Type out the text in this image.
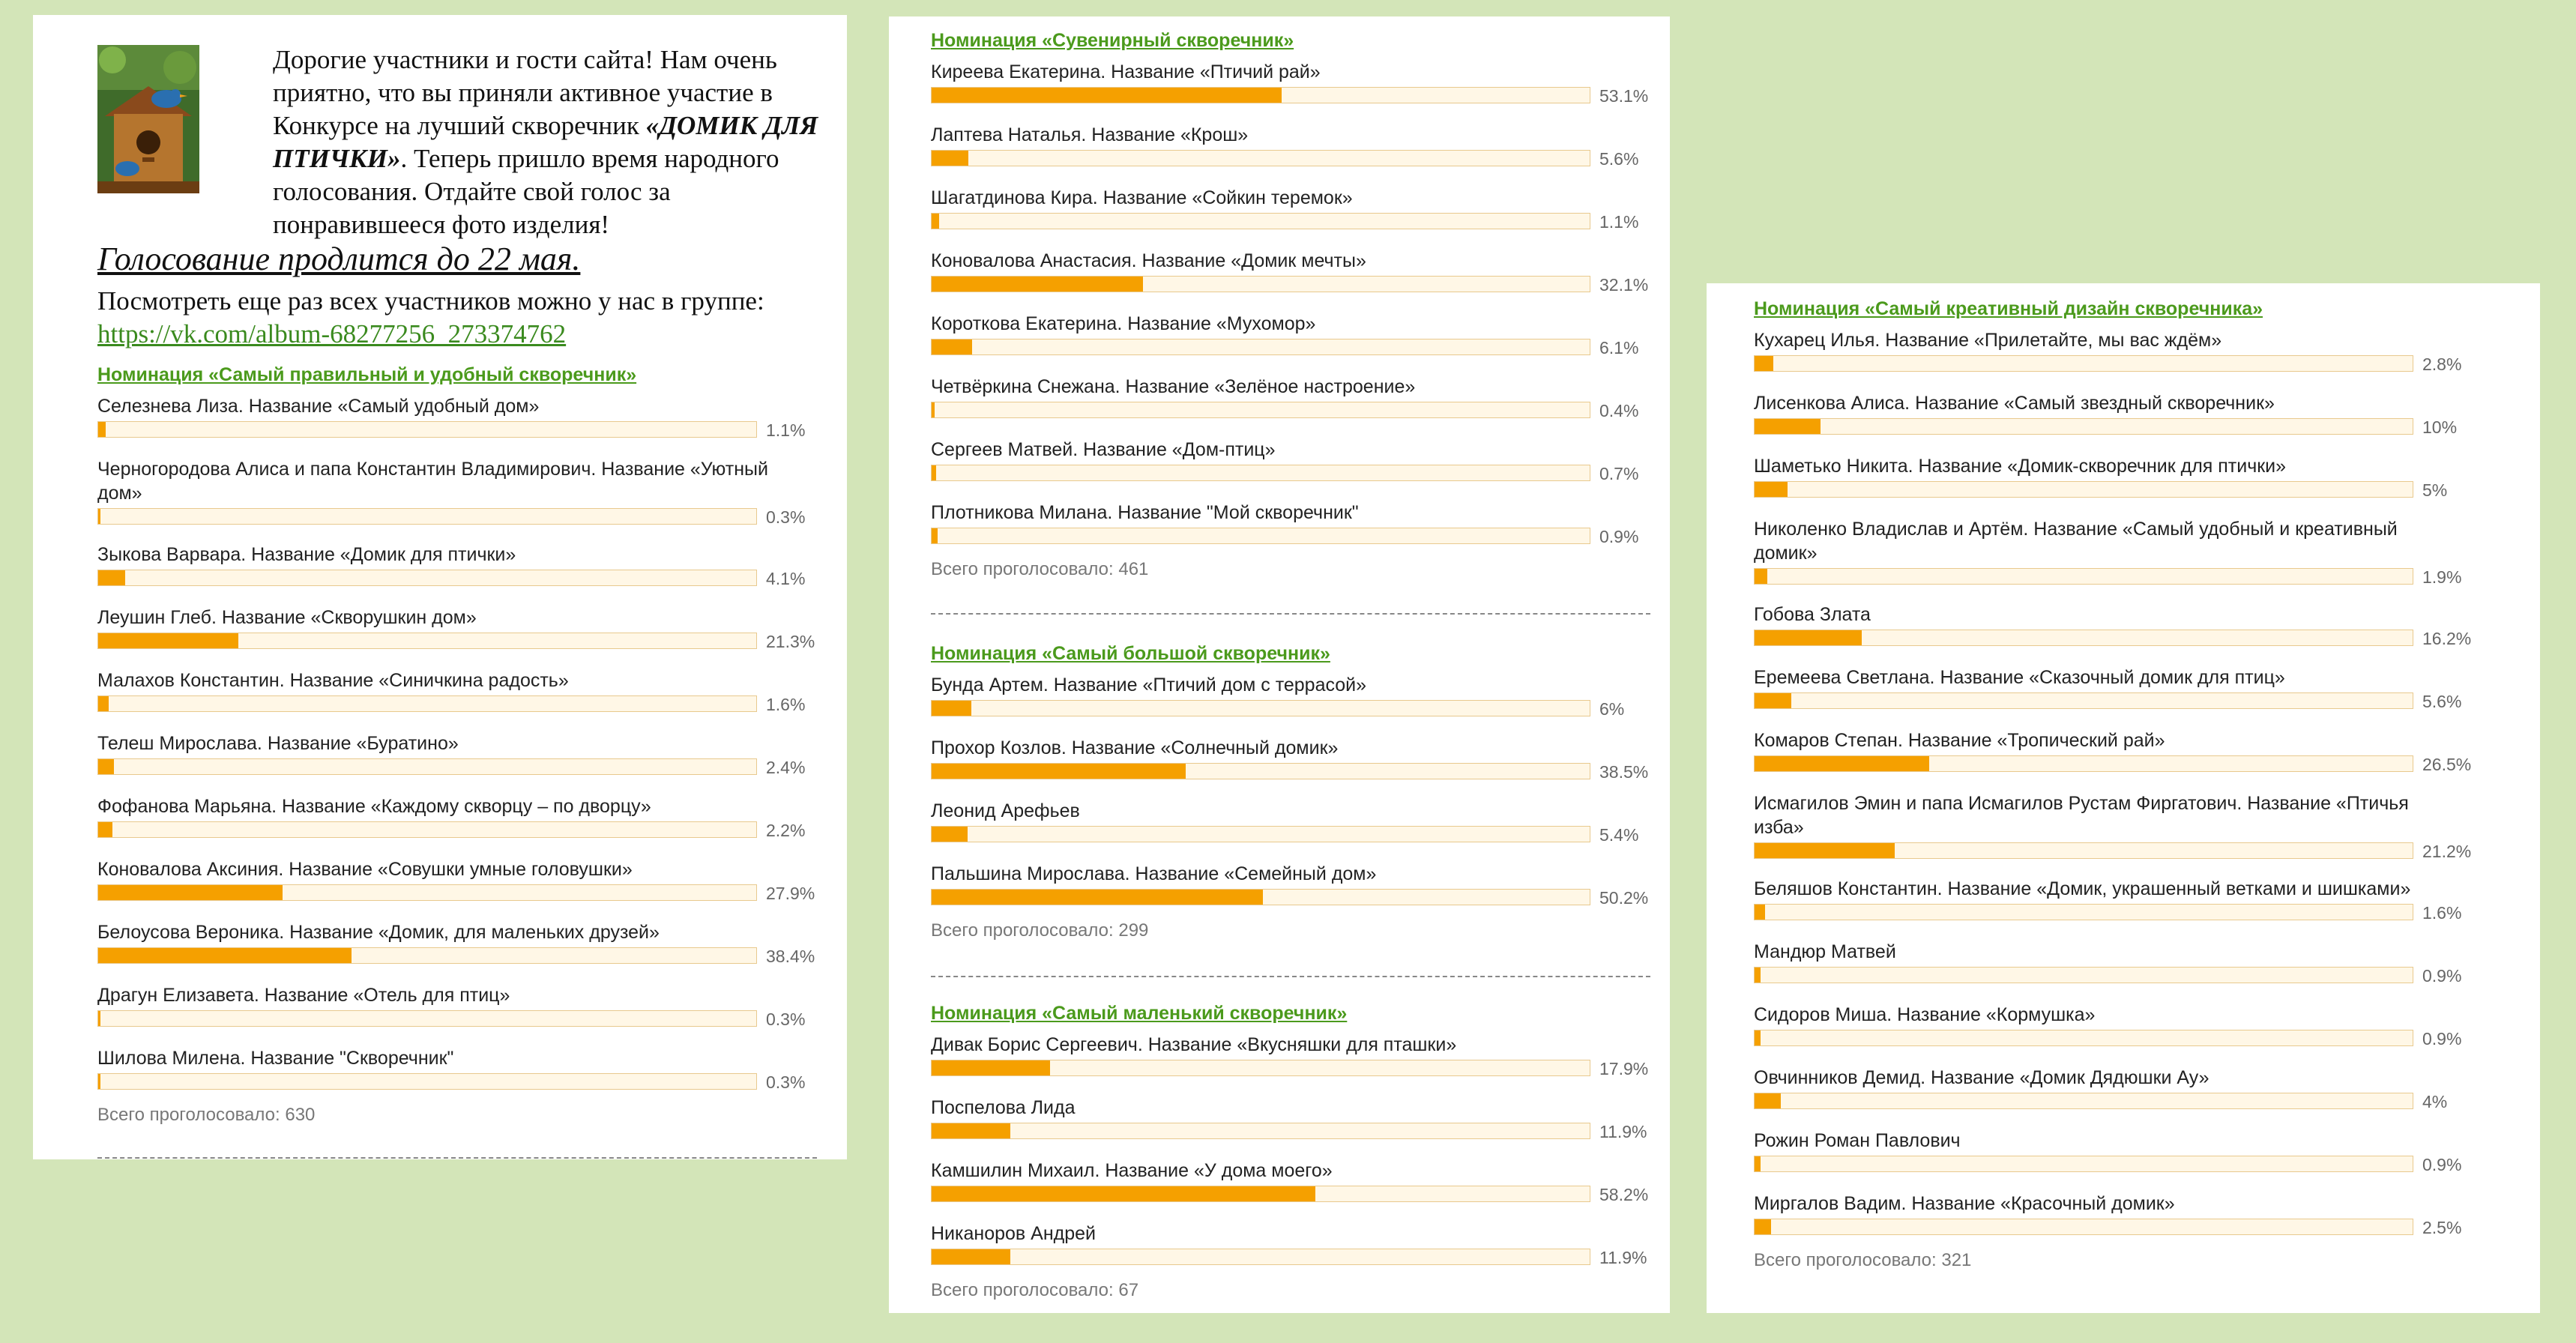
Дорогие участники и гости сайта! Нам очень приятно, что вы приняли активное участие в Конкурсе на лучший скворечник «ДОМИК ДЛЯ ПТИЧКИ». Теперь пришло время народного голосования. Отдайте свой голос за понравившееся фото изделия!
Голосование продлится до 22 мая.
Посмотреть еще раз всех участников можно у нас в группе: https://vk.com/album-68277256_273374762
Номинация «Самый правильный и удобный скворечник»
Селезнева Лиза. Название «Самый удобный дом»
1.1%
Черногородова Алиса и папа Константин Владимирович. Название «Уютный дом»
0.3%
Зыкова Варвара. Название «Домик для птички»
4.1%
Леушин Глеб. Название «Скворушкин дом»
21.3%
Малахов Константин. Название «Синичкина радость»
1.6%
Телеш Мирослава. Название «Буратино»
2.4%
Фофанова Марьяна. Название «Каждому скворцу – по дворцу»
2.2%
Коновалова Аксиния. Название «Совушки умные головушки»
27.9%
Белоусова Вероника. Название «Домик, для маленьких друзей»
38.4%
Драгун Елизавета. Название «Отель для птиц»
0.3%
Шилова Милена. Название "Скворечник"
0.3%
Всего проголосовало: 630
Номинация «Сувенирный скворечник»
Киреева Екатерина. Название «Птичий рай»
53.1%
Лаптева Наталья. Название «Крош»
5.6%
Шагатдинова Кира. Название «Сойкин теремок»
1.1%
Коновалова Анастасия. Название «Домик мечты»
32.1%
Короткова Екатерина. Название «Мухомор»
6.1%
Четвёркина Снежана. Название «Зелёное настроение»
0.4%
Сергеев Матвей. Название «Дом-птиц»
0.7%
Плотникова Милана. Название "Мой скворечник"
0.9%
Всего проголосовало: 461
Номинация «Самый большой скворечник»
Бунда Артем. Название «Птичий дом с террасой»
6%
Прохор Козлов. Название «Солнечный домик»
38.5%
Леонид Арефьев
5.4%
Пальшина Мирослава. Название «Семейный дом»
50.2%
Всего проголосовало: 299
Номинация «Самый маленький скворечник»
Дивак Борис Сергеевич. Название «Вкусняшки для пташки»
17.9%
Поспелова Лида
11.9%
Камшилин Михаил. Название «У дома моего»
58.2%
Никаноров Андрей
11.9%
Всего проголосовало: 67
Номинация «Самый креативный дизайн скворечника»
Кухарец Илья. Название «Прилетайте, мы вас ждём»
2.8%
Лисенкова Алиса. Название «Самый звездный скворечник»
10%
Шаметько Никита. Название «Домик-скворечник для птички»
5%
Николенко Владислав и Артём. Название «Самый удобный и креативный домик»
1.9%
Гобова Злата
16.2%
Еремеева Светлана. Название «Сказочный домик для птиц»
5.6%
Комаров Степан. Название «Тропический рай»
26.5%
Исмагилов Эмин и папа Исмагилов Рустам Фиргатович. Название «Птичья изба»
21.2%
Беляшов Константин. Название «Домик, украшенный ветками и шишками»
1.6%
Мандюр Матвей
0.9%
Сидоров Миша. Название «Кормушка»
0.9%
Овчинников Демид. Название «Домик Дядюшки Ау»
4%
Рожин Роман Павлович
0.9%
Миргалов Вадим. Название «Красочный домик»
2.5%
Всего проголосовало: 321
